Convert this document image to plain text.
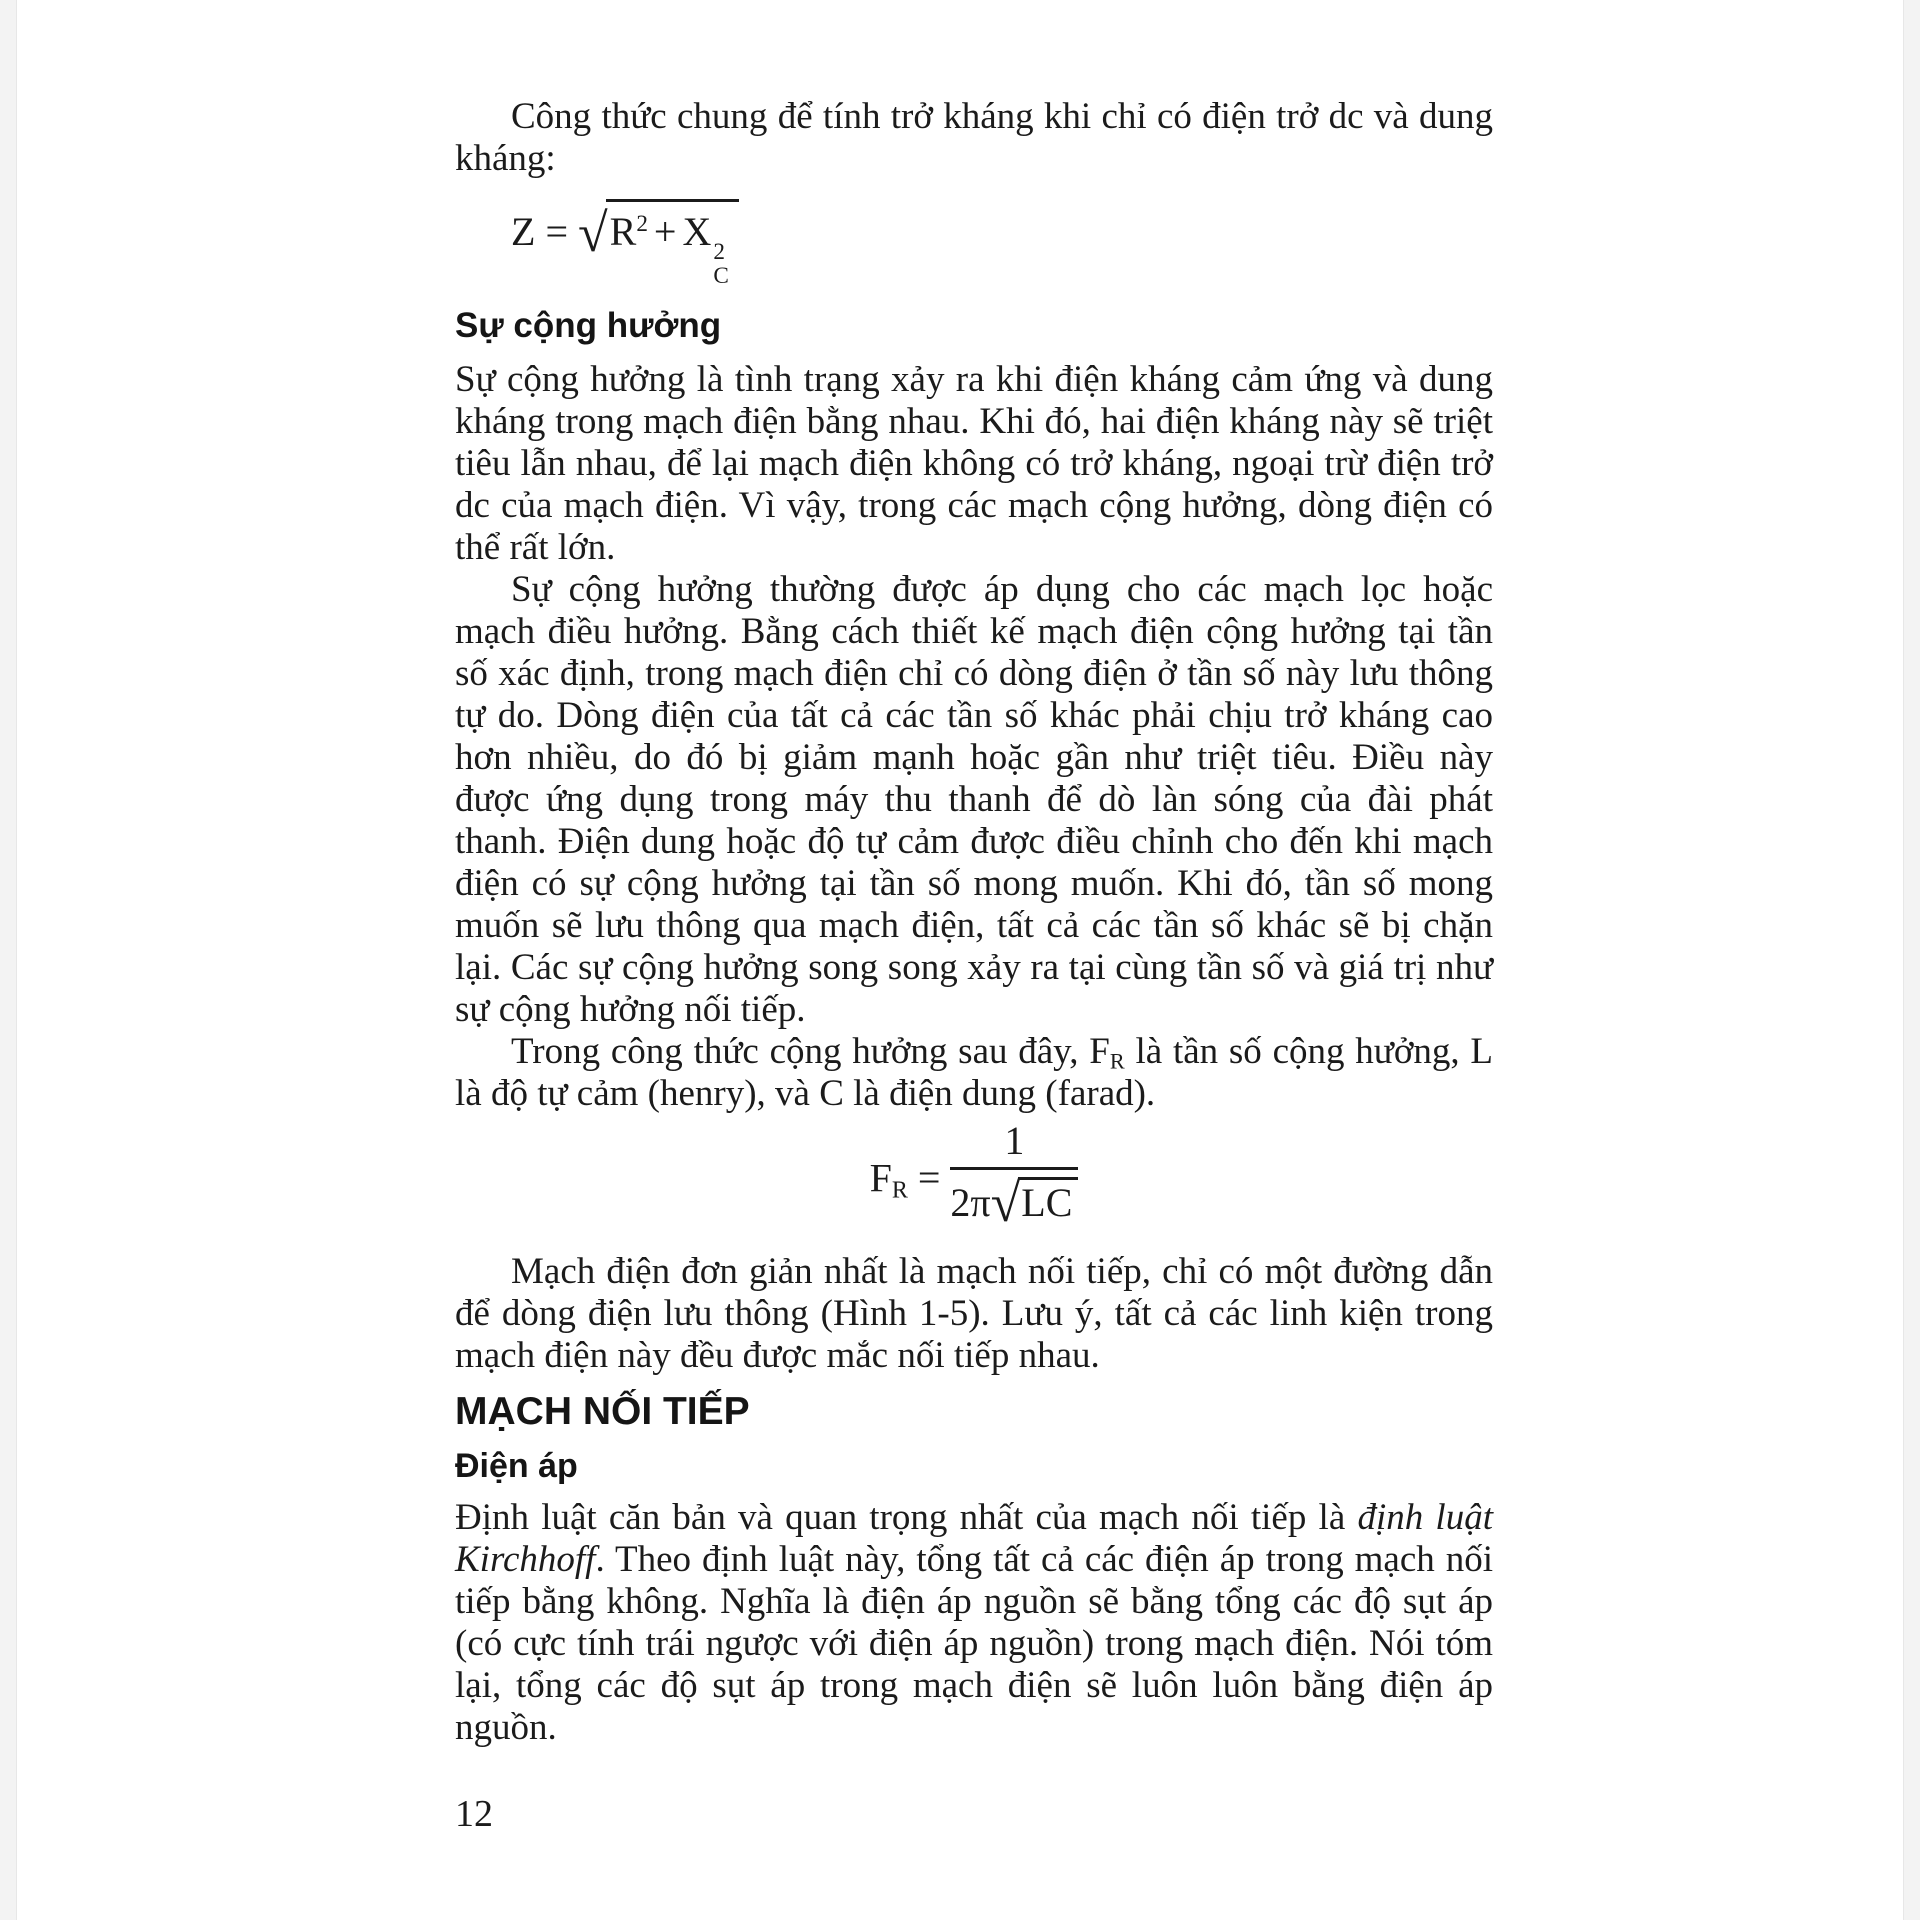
Công thức chung để tính trở kháng khi chỉ có điện trở dc và dung kháng:

Z = √ $R^2 + X$ 2
C
Sự cộng hưởng

Sự cộng hưởng là tình trạng xảy ra khi điện kháng cảm ứng và dung kháng trong mạch điện bằng nhau. Khi đó, hai điện kháng này sẽ triệt tiêu lẫn nhau, để lại mạch điện không có trở kháng, ngoại trừ điện trở dc của mạch điện. Vì vậy, trong các mạch cộng hưởng, dòng điện có thể rất lớn.

Sự cộng hưởng thường được áp dụng cho các mạch lọc hoặc mạch điều hưởng. Bằng cách thiết kế mạch điện cộng hưởng tại tần số xác định, trong mạch điện chỉ có dòng điện ở tần số này lưu thông tự do. Dòng điện của tất cả các tần số khác phải chịu trở kháng cao hơn nhiều, do đó bị giảm mạnh hoặc gần như triệt tiêu. Điều này được ứng dụng trong máy thu thanh để dò làn sóng của đài phát thanh. Điện dung hoặc độ tự cảm được điều chỉnh cho đến khi mạch điện có sự cộng hưởng tại tần số mong muốn. Khi đó, tần số mong muốn sẽ lưu thông qua mạch điện, tất cả các tần số khác sẽ bị chặn lại. Các sự cộng hưởng song song xảy ra tại cùng tần số và giá trị như sự cộng hưởng nối tiếp.

Trong công thức cộng hưởng sau đây, $F_R$ là tần số cộng hưởng, L là độ tự cảm (henry), và C là điện dung (farad).

$F_R = \frac{1}{2\pi√LC}$

Mạch điện đơn giản nhất là mạch nối tiếp, chỉ có một đường dẫn để dòng điện lưu thông (Hình 1-5). Lưu ý, tất cả các linh kiện trong mạch điện này đều được mắc nối tiếp nhau.

MẠCH NỐI TIẾP
Điện áp

Định luật căn bản và quan trọng nhất của mạch nối tiếp là định luật Kirchhoff. Theo định luật này, tổng tất cả các điện áp trong mạch nối tiếp bằng không. Nghĩa là điện áp nguồn sẽ bằng tổng các độ sụt áp (có cực tính trái ngược với điện áp nguồn) trong mạch điện. Nói tóm lại, tổng các độ sụt áp trong mạch điện sẽ luôn luôn bằng điện áp nguồn.

12
